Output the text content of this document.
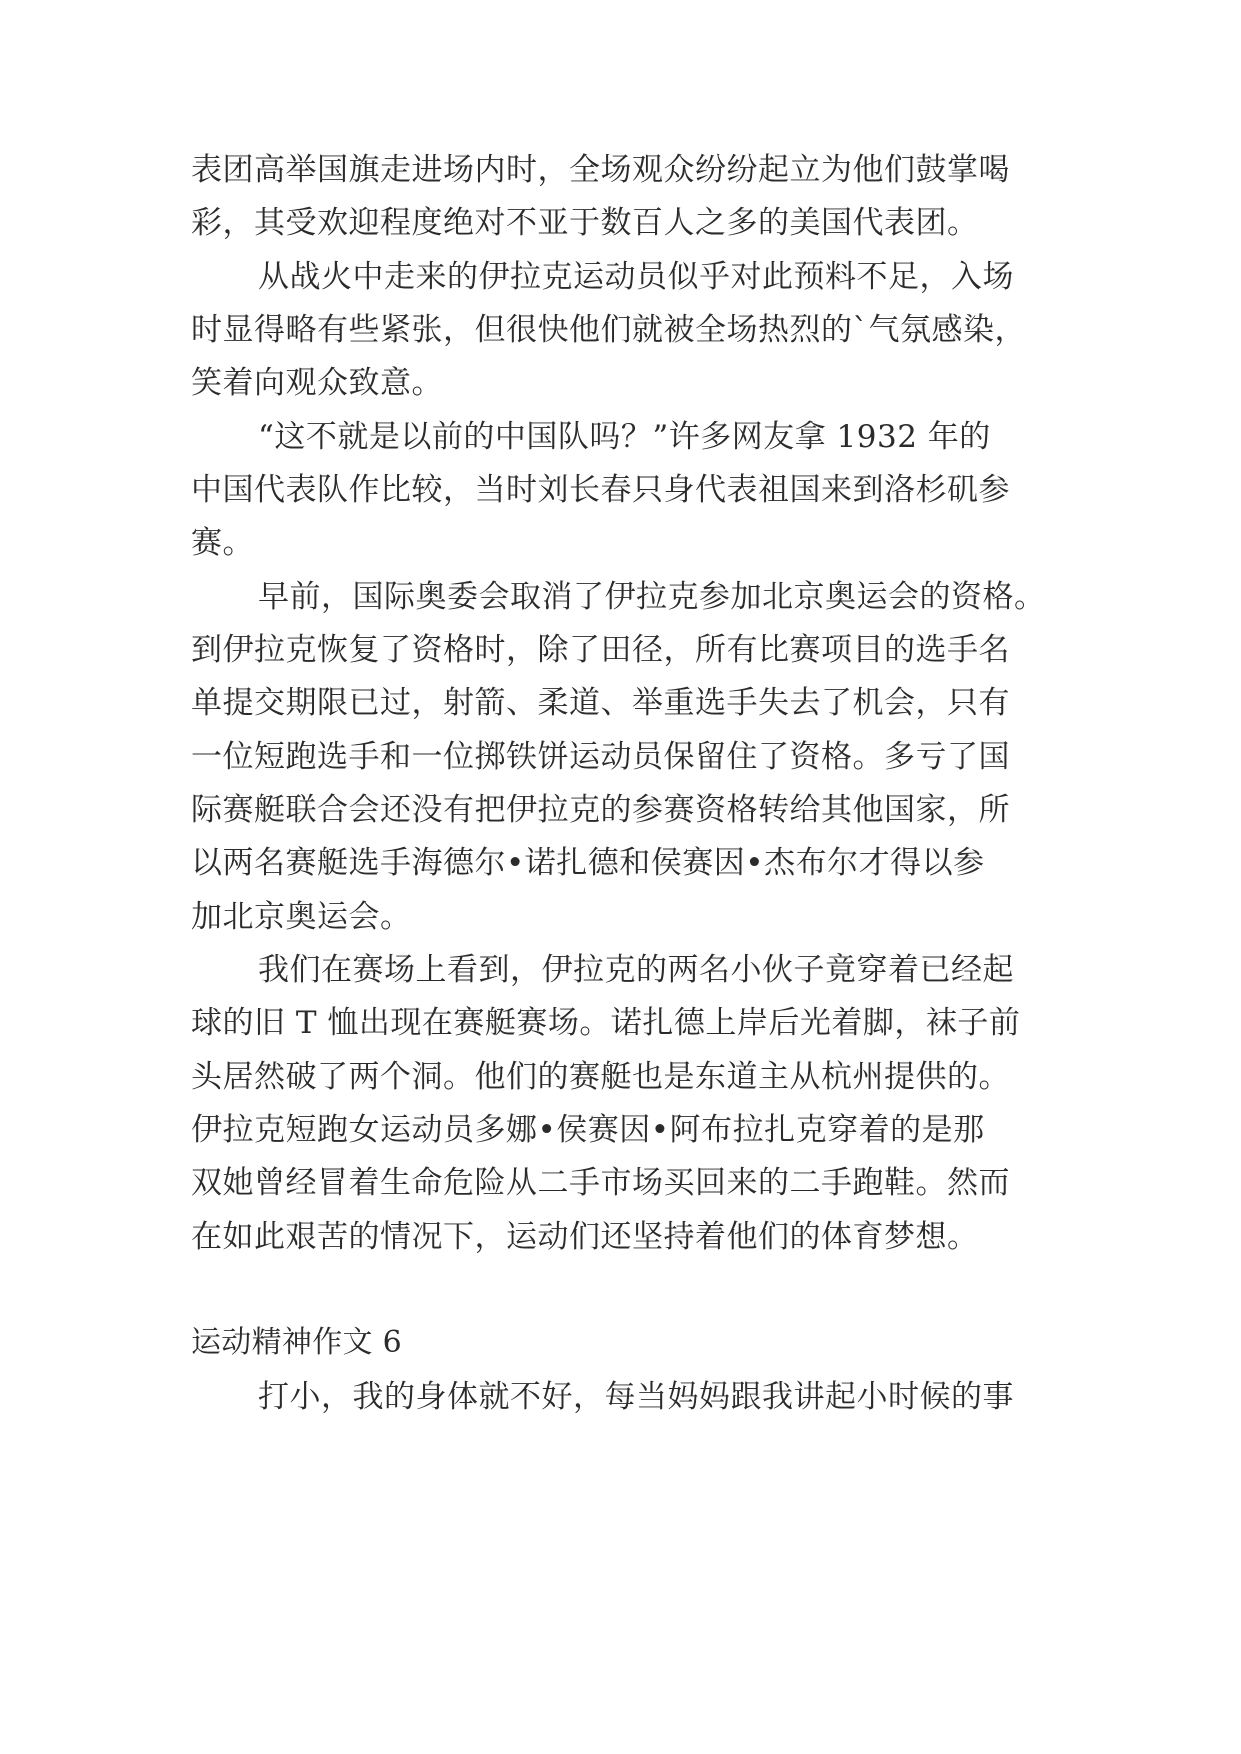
表团高举国旗走进场内时，全场观众纷纷起立为他们鼓掌喝
彩，其受欢迎程度绝对不亚于数百人之多的美国代表团。
从战火中走来的伊拉克运动员似乎对此预料不足，入场
时显得略有些紧张，但很快他们就被全场热烈的`气氛感染，
笑着向观众致意。
“这不就是以前的中国队吗？”许多网友拿 1932 年的
中国代表队作比较，当时刘长春只身代表祖国来到洛杉矶参
赛。
早前，国际奥委会取消了伊拉克参加北京奥运会的资格。
到伊拉克恢复了资格时，除了田径，所有比赛项目的选手名
单提交期限已过，射箭、柔道、举重选手失去了机会，只有
一位短跑选手和一位掷铁饼运动员保留住了资格。多亏了国
际赛艇联合会还没有把伊拉克的参赛资格转给其他国家，所
以两名赛艇选手海德尔•诺扎德和侯赛因•杰布尔才得以参
加北京奥运会。
我们在赛场上看到，伊拉克的两名小伙子竟穿着已经起
球的旧 T 恤出现在赛艇赛场。诺扎德上岸后光着脚，袜子前
头居然破了两个洞。他们的赛艇也是东道主从杭州提供的。
伊拉克短跑女运动员多娜•侯赛因•阿布拉扎克穿着的是那
双她曾经冒着生命危险从二手市场买回来的二手跑鞋。然而
在如此艰苦的情况下，运动们还坚持着他们的体育梦想。
运动精神作文 6
打小，我的身体就不好，每当妈妈跟我讲起小时候的事
